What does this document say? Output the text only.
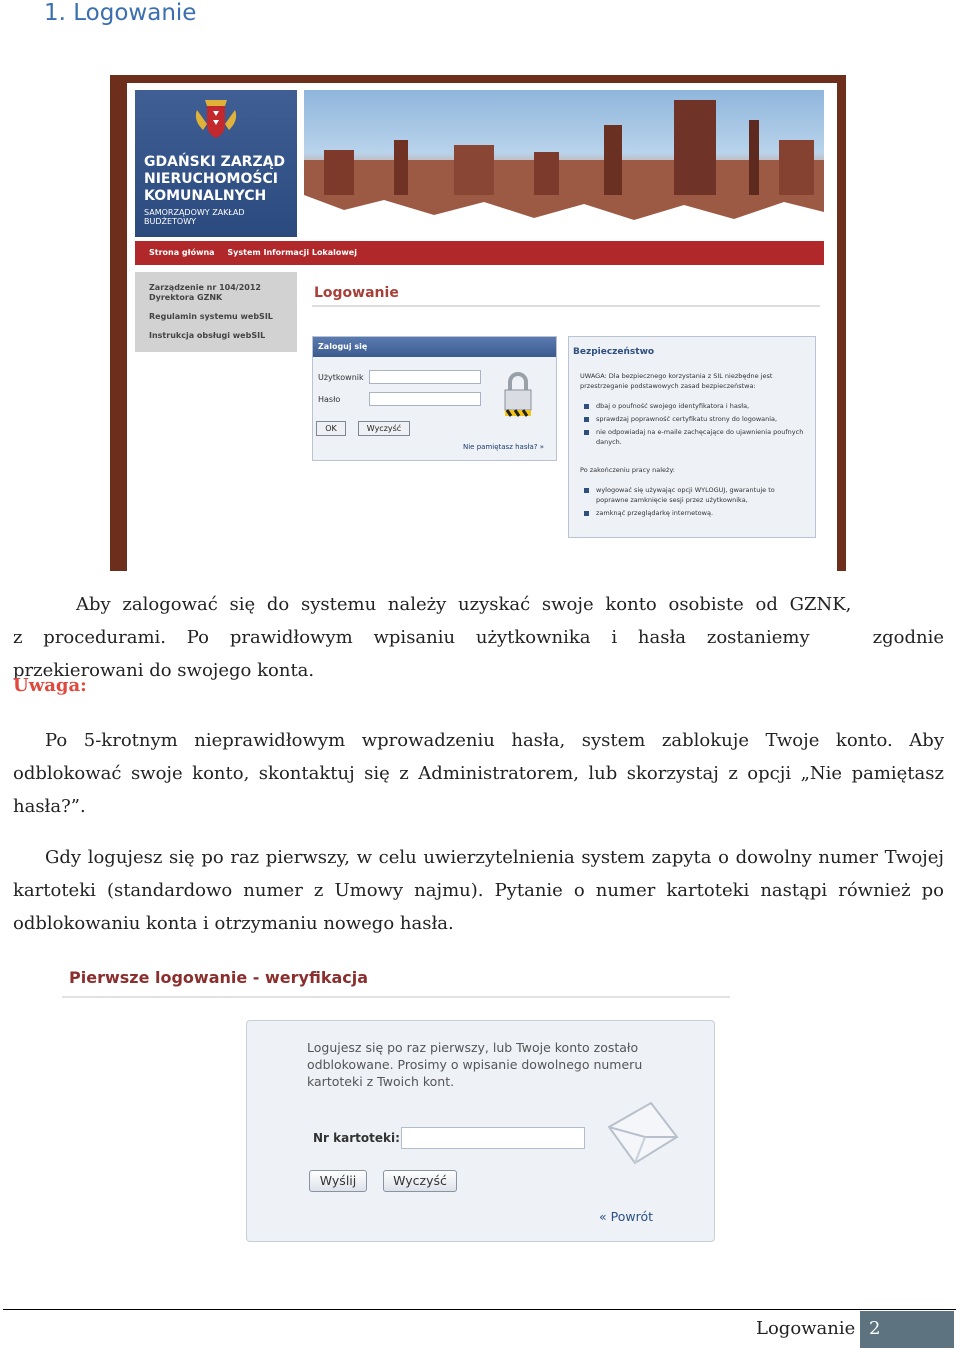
1. Logowanie
GDAŃSKI ZARZĄD
NIERUCHOMOŚCI
KOMUNALNYCH
SAMORZĄDOWY ZAKŁAD BUDŻETOWY
Strona główna System Informacji Lokalowej
Zarządzenie nr 104/2012
Dyrektora GZNK
Regulamin systemu webSIL
Instrukcja obsługi webSIL
Logowanie
Zaloguj się
Użytkownik
Hasło
OK	Wyczyść
Nie pamiętasz hasła? »
Bezpieczeństwo
UWAGA: Dla bezpiecznego korzystania z SIL niezbędne jest przestrzeganie podstawowych zasad bezpieczeństwa:
dbaj o poufność swojego identyfikatora i hasła,
sprawdzaj poprawność certyfikatu strony do logowania,
nie odpowiadaj na e-maile zachęcające do ujawnienia poufnych danych.
Po zakończeniu pracy należy:
wylogować się używając opcji WYLOGUJ, gwarantuje to poprawne zamknięcie sesji przez użytkownika,
zamknąć przeglądarkę internetową.
Aby zalogować się do systemu należy uzyskać swoje konto osobiste od GZNK,
zgodnie

z procedurami. Po prawidłowym wpisaniu użytkownika i hasła zostaniemy przekierowani do swojego konta.
Uwaga:
Po 5-krotnym nieprawidłowym wprowadzeniu hasła, system zablokuje Twoje konto. Aby odblokować swoje konto, skontaktuj się z Administratorem, lub skorzystaj z opcji „Nie pamiętasz hasła?”.
Gdy logujesz się po raz pierwszy, w celu uwierzytelnienia system zapyta o dowolny numer Twojej kartoteki (standardowo numer z Umowy najmu). Pytanie o numer kartoteki nastąpi również po odblokowaniu konta i otrzymaniu nowego hasła.
Pierwsze logowanie - weryfikacja
Logujesz się po raz pierwszy, lub Twoje konto zostało odblokowane. Prosimy o wpisanie dowolnego numeru kartoteki z Twoich kont.
Nr kartoteki:
Wyślij	Wyczyść
« Powrót
Logowanie 2
